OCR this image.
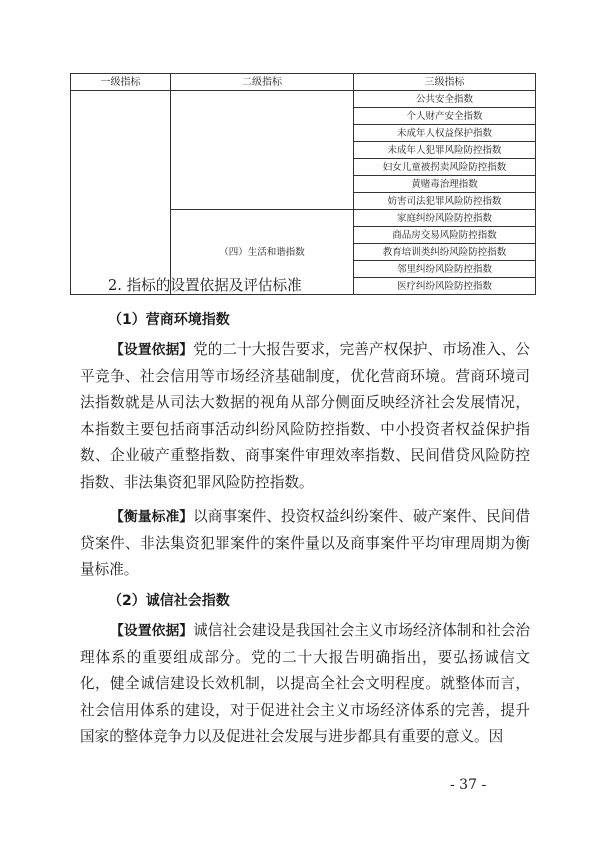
一级指标	二级指标	三级指标
		公共安全指数
		个人财产安全指数
		未成年人权益保护指数
		未成年人犯罪风险防控指数
		妇女儿童被拐卖风险防控指数
		黄赌毒治理指数
		妨害司法犯罪风险防控指数
	（四）生活和谐指数	家庭纠纷风险防控指数
		商品房交易风险防控指数
		教育培训类纠纷风险防控指数
		邻里纠纷风险防控指数
		医疗纠纷风险防控指数

2. 指标的设置依据及评估标准

（1）营商环境指数

【设置依据】党的二十大报告要求，完善产权保护、市场准入、公平竞争、社会信用等市场经济基础制度，优化营商环境。营商环境司法指数就是从司法大数据的视角从部分侧面反映经济社会发展情况，本指数主要包括商事活动纠纷风险防控指数、中小投资者权益保护指数、企业破产重整指数、商事案件审理效率指数、民间借贷风险防控指数、非法集资犯罪风险防控指数。

【衡量标准】以商事案件、投资权益纠纷案件、破产案件、民间借贷案件、非法集资犯罪案件的案件量以及商事案件平均审理周期为衡量标准。

（2）诚信社会指数

【设置依据】诚信社会建设是我国社会主义市场经济体制和社会治理体系的重要组成部分。党的二十大报告明确指出，要弘扬诚信文化，健全诚信建设长效机制，以提高全社会文明程度。就整体而言，社会信用体系的建设，对于促进社会主义市场经济体系的完善，提升国家的整体竞争力以及促进社会发展与进步都具有重要的意义。因

- 37 -
